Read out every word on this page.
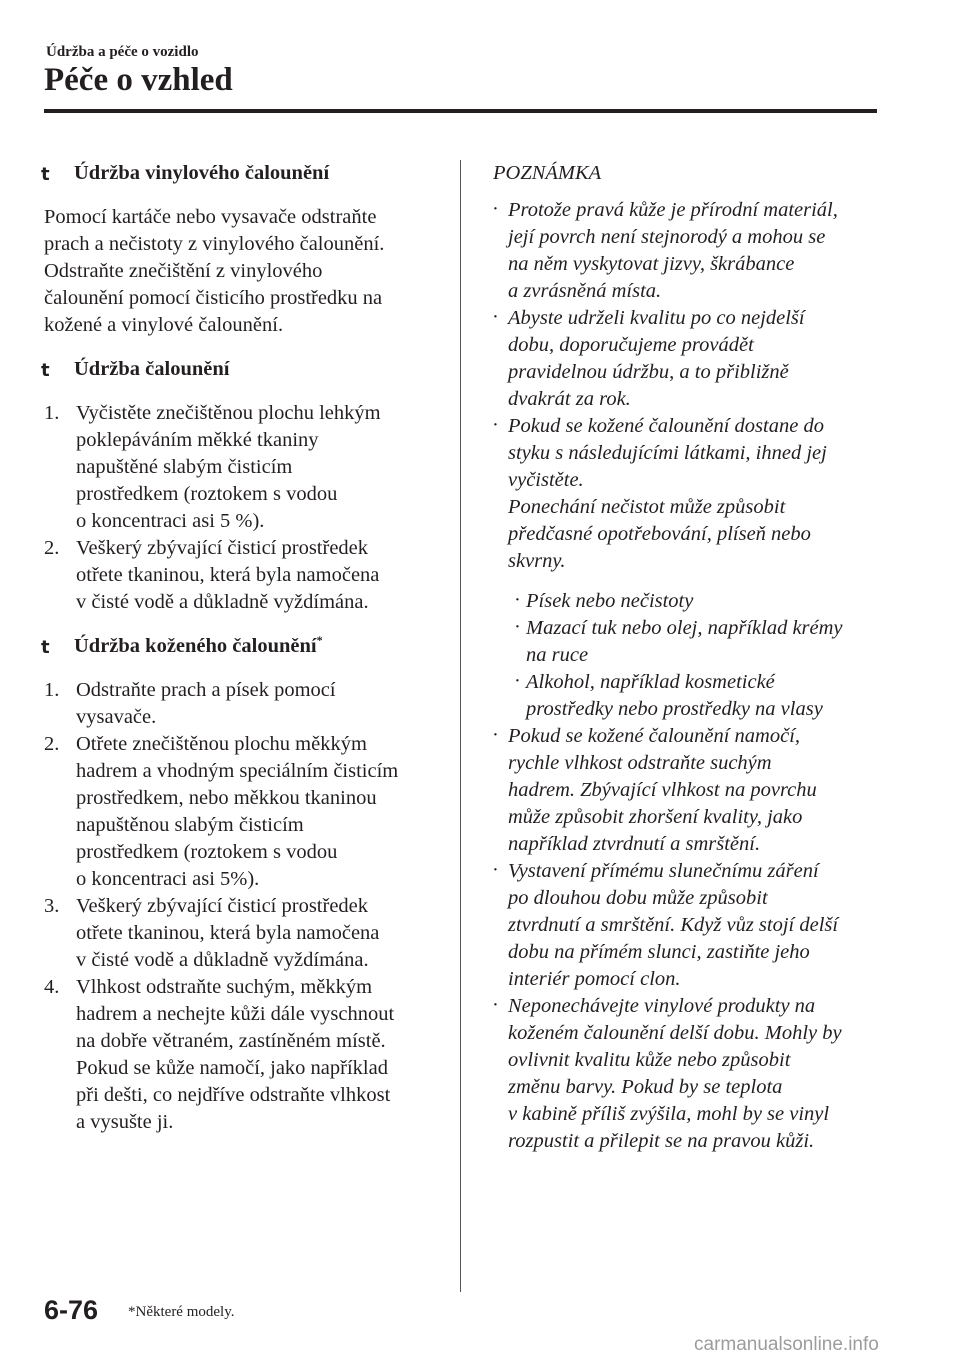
Údržba a péče o vozidlo
Péče o vzhled
t Údržba vinylového čalounění

Pomocí kartáče nebo vysavače odstraňte
prach a nečistoty z vinylového čalounění.
Odstraňte znečištění z vinylového
čalounění pomocí čisticího prostředku na
kožené a vinylové čalounění.

t Údržba čalounění
1. Vyčistěte znečištěnou plochu lehkým
poklepáváním měkké tkaniny
napuštěné slabým čisticím
prostředkem (roztokem s vodou
o koncentraci asi 5 %).
2. Veškerý zbývající čisticí prostředek
otřete tkaninou, která byla namočena
v čisté vodě a důkladně vyždímána.
t Údržba koženého čalounění*
1. Odstraňte prach a písek pomocí
vysavače.
2. Otřete znečištěnou plochu měkkým
hadrem a vhodným speciálním čisticím
prostředkem, nebo měkkou tkaninou
napuštěnou slabým čisticím
prostředkem (roztokem s vodou
o koncentraci asi 5%).
3. Veškerý zbývající čisticí prostředek
otřete tkaninou, která byla namočena
v čisté vodě a důkladně vyždímána.
4. Vlhkost odstraňte suchým, měkkým
hadrem a nechejte kůži dále vyschnout
na dobře větraném, zastíněném místě.
Pokud se kůže namočí, jako například
při dešti, co nejdříve odstraňte vlhkost
a vysušte ji.
POZNÁMKA
· Protože pravá kůže je přírodní materiál,
její povrch není stejnorodý a mohou se
na něm vyskytovat jizvy, škrábance
a zvrásněná místa.
· Abyste udrželi kvalitu po co nejdelší
dobu, doporučujeme provádět
pravidelnou údržbu, a to přibližně
dvakrát za rok.
· Pokud se kožené čalounění dostane do
styku s následujícími látkami, ihned jej
vyčistěte.
Ponechání nečistot může způsobit
předčasné opotřebování, plíseň nebo
skvrny.
· Písek nebo nečistoty
· Mazací tuk nebo olej, například krémy
na ruce
· Alkohol, například kosmetické
prostředky nebo prostředky na vlasy
· Pokud se kožené čalounění namočí,
rychle vlhkost odstraňte suchým
hadrem. Zbývající vlhkost na povrchu
může způsobit zhoršení kvality, jako
například ztvrdnutí a smrštění.
· Vystavení přímému slunečnímu záření
po dlouhou dobu může způsobit
ztvrdnutí a smrštění. Když vůz stojí delší
dobu na přímém slunci, zastiňte jeho
interiér pomocí clon.
· Neponechávejte vinylové produkty na
koženém čalounění delší dobu. Mohly by
ovlivnit kvalitu kůže nebo způsobit
změnu barvy. Pokud by se teplota
v kabině příliš zvýšila, mohl by se vinyl
rozpustit a přilepit se na pravou kůži.
6-76 *Některé modely.
carmanualsonline.info
